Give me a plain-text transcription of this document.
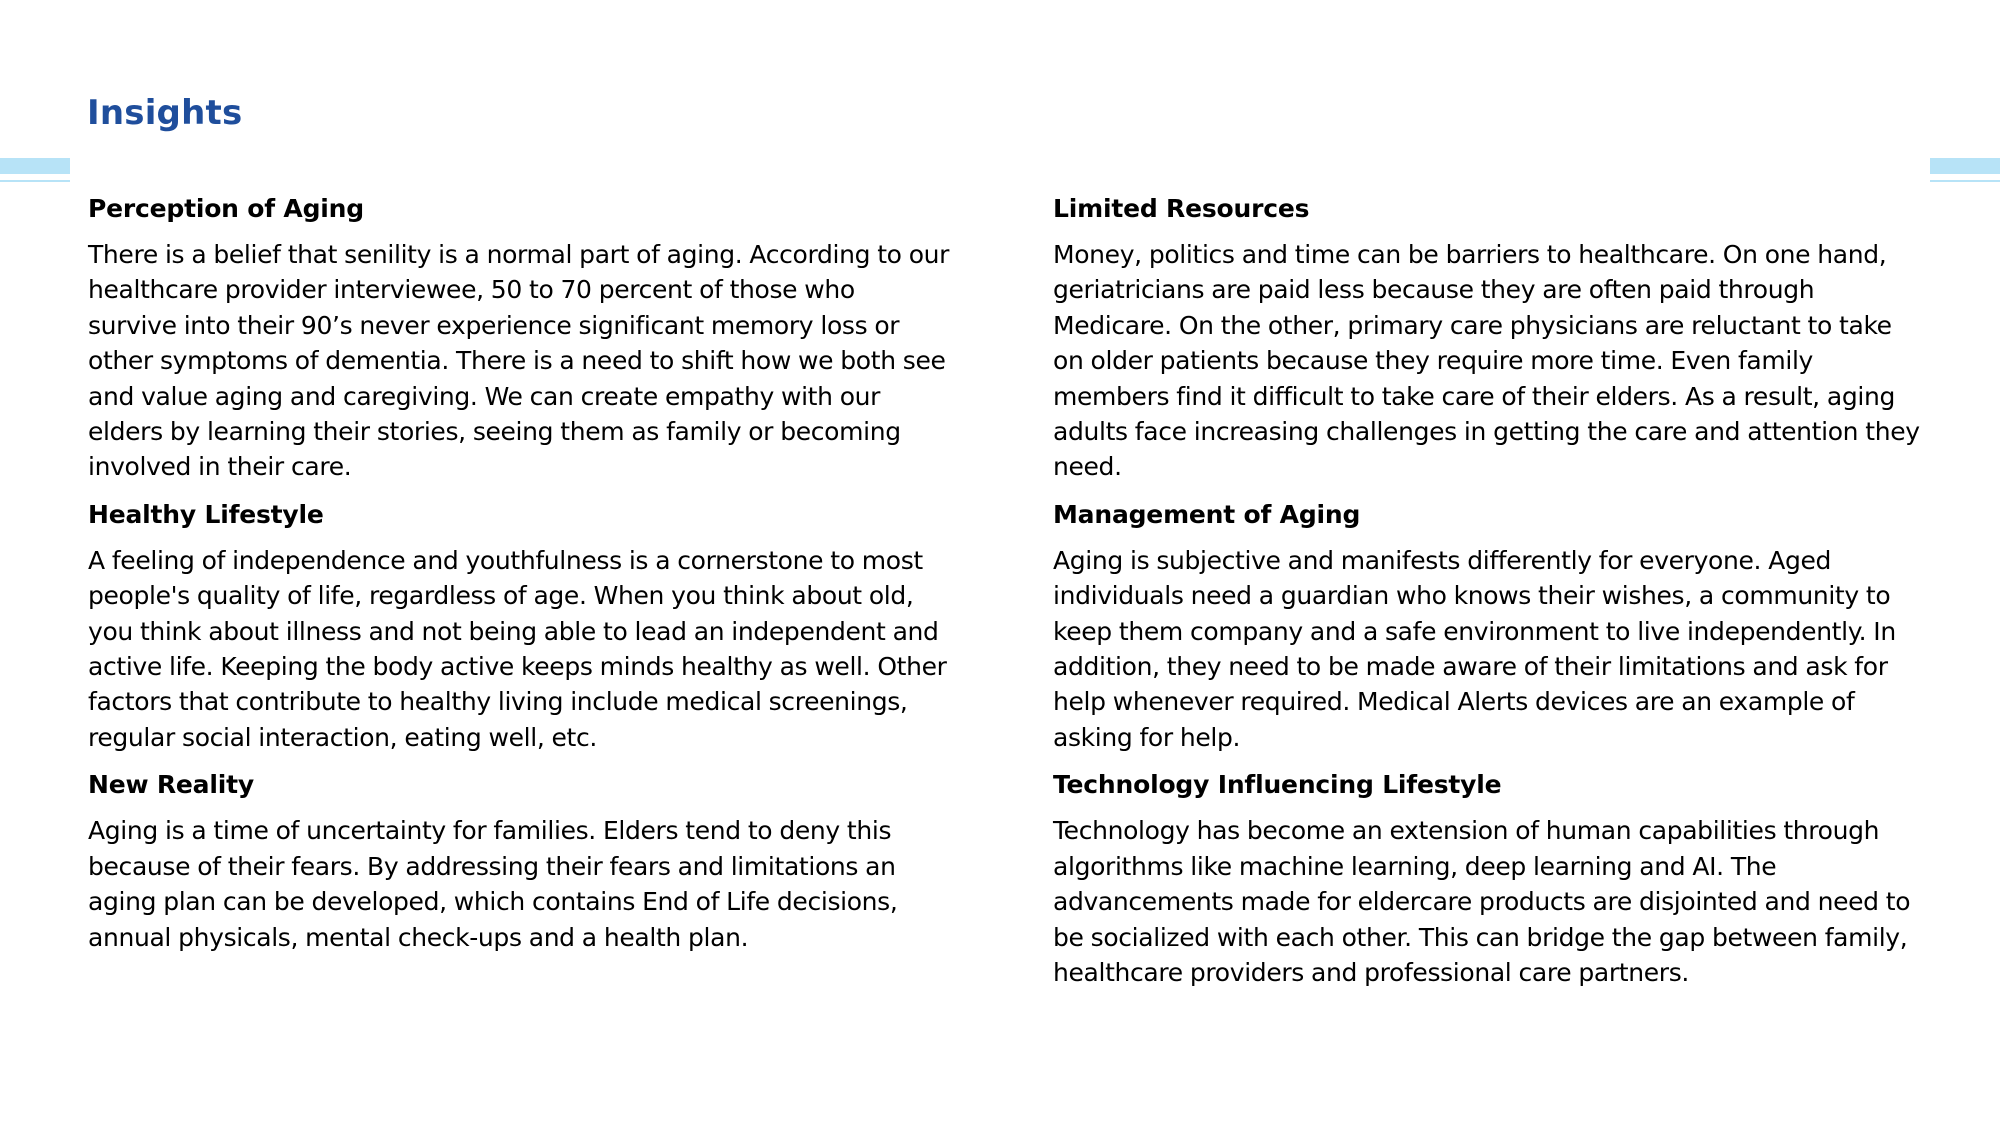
Insights
Perception of Aging

There is a belief that senility is a normal part of aging. According to our healthcare provider interviewee, 50 to 70 percent of those who survive into their 90’s never experience significant memory loss or other symptoms of dementia. There is a need to shift how we both see and value aging and caregiving. We can create empathy with our elders by learning their stories, seeing them as family or becoming involved in their care.

Healthy Lifestyle

A feeling of independence and youthfulness is a cornerstone to most people's quality of life, regardless of age. When you think about old, you think about illness and not being able to lead an independent and active life. Keeping the body active keeps minds healthy as well. Other factors that contribute to healthy living include medical screenings, regular social interaction, eating well, etc.

New Reality

Aging is a time of uncertainty for families. Elders tend to deny this because of their fears. By addressing their fears and limitations an aging plan can be developed, which contains End of Life decisions, annual physicals, mental check-ups and a health plan.

Limited Resources

Money, politics and time can be barriers to healthcare. On one hand, geriatricians are paid less because they are often paid through Medicare. On the other, primary care physicians are reluctant to take on older patients because they require more time. Even family members find it difficult to take care of their elders. As a result, aging adults face increasing challenges in getting the care and attention they need.

Management of Aging

Aging is subjective and manifests differently for everyone. Aged individuals need a guardian who knows their wishes, a community to keep them company and a safe environment to live independently. In addition, they need to be made aware of their limitations and ask for help whenever required. Medical Alerts devices are an example of asking for help.

Technology Influencing Lifestyle

Technology has become an extension of human capabilities through algorithms like machine learning, deep learning and AI. The advancements made for eldercare products are disjointed and need to be socialized with each other. This can bridge the gap between family, healthcare providers and professional care partners.
